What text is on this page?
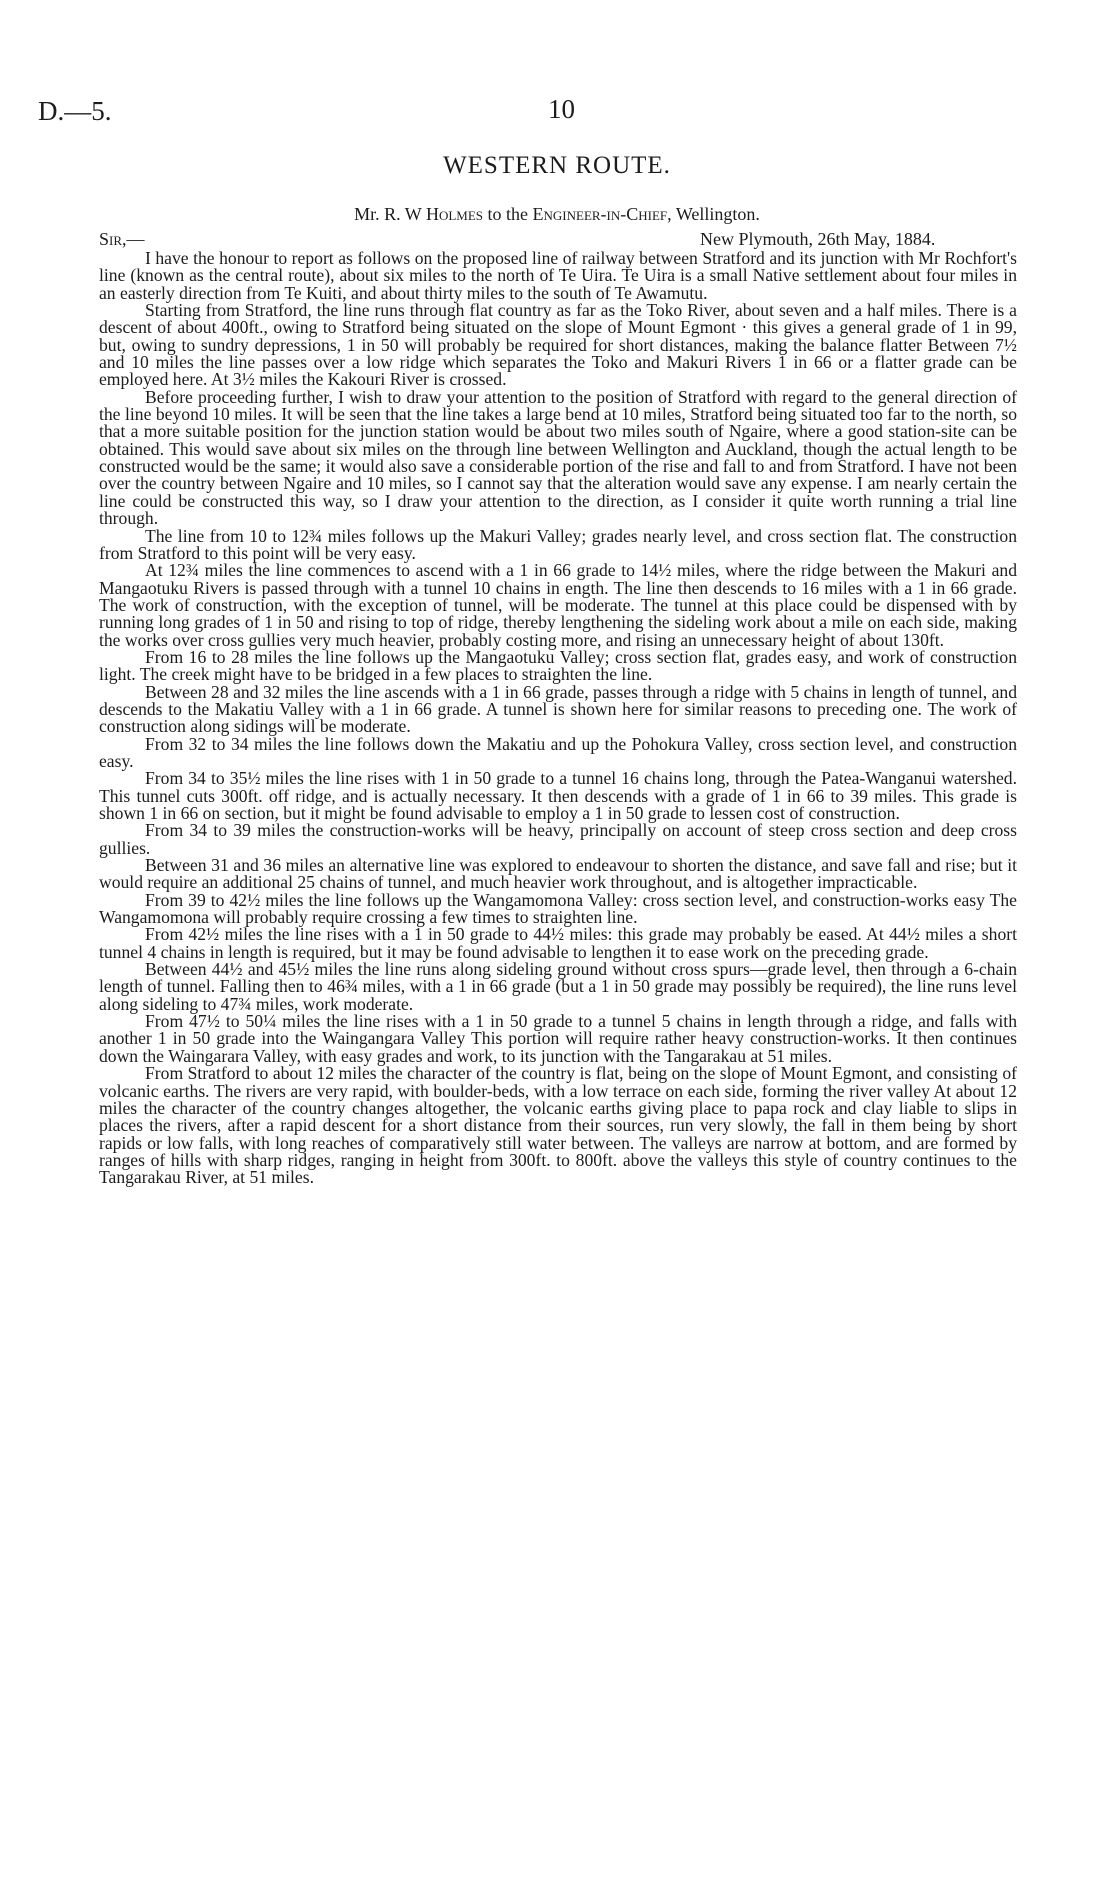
D.—5.	10
WESTERN ROUTE.
Mr. R. W Holmes to the Engineer-in-Chief, Wellington.
Sir,—	New Plymouth, 26th May, 1884.

I have the honour to report as follows on the proposed line of railway between Stratford and its junction with Mr Rochfort's line (known as the central route), about six miles to the north of Te Uira. Te Uira is a small Native settlement about four miles in an easterly direction from Te Kuiti, and about thirty miles to the south of Te Awamutu.

Starting from Stratford, the line runs through flat country as far as the Toko River, about seven and a half miles. There is a descent of about 400ft., owing to Stratford being situated on the slope of Mount Egmont · this gives a general grade of 1 in 99, but, owing to sundry depressions, 1 in 50 will probably be required for short distances, making the balance flatter Between 7½ and 10 miles the line passes over a low ridge which separates the Toko and Makuri Rivers 1 in 66 or a flatter grade can be employed here. At 3½ miles the Kakouri River is crossed.

Before proceeding further, I wish to draw your attention to the position of Stratford with regard to the general direction of the line beyond 10 miles. It will be seen that the line takes a large bend at 10 miles, Stratford being situated too far to the north, so that a more suitable position for the junction station would be about two miles south of Ngaire, where a good station-site can be obtained. This would save about six miles on the through line between Wellington and Auckland, though the actual length to be constructed would be the same; it would also save a considerable portion of the rise and fall to and from Stratford. I have not been over the country between Ngaire and 10 miles, so I cannot say that the alteration would save any expense. I am nearly certain the line could be constructed this way, so I draw your attention to the direction, as I consider it quite worth running a trial line through.

The line from 10 to 12¾ miles follows up the Makuri Valley; grades nearly level, and cross section flat. The construction from Stratford to this point will be very easy.

At 12¾ miles the line commences to ascend with a 1 in 66 grade to 14½ miles, where the ridge between the Makuri and Mangaotuku Rivers is passed through with a tunnel 10 chains in ength. The line then descends to 16 miles with a 1 in 66 grade. The work of construction, with the exception of tunnel, will be moderate. The tunnel at this place could be dispensed with by running long grades of 1 in 50 and rising to top of ridge, thereby lengthening the sideling work about a mile on each side, making the works over cross gullies very much heavier, probably costing more, and rising an unnecessary height of about 130ft.

From 16 to 28 miles the line follows up the Mangaotuku Valley; cross section flat, grades easy, and work of construction light. The creek might have to be bridged in a few places to straighten the line.

Between 28 and 32 miles the line ascends with a 1 in 66 grade, passes through a ridge with 5 chains in length of tunnel, and descends to the Makatiu Valley with a 1 in 66 grade. A tunnel is shown here for similar reasons to preceding one. The work of construction along sidings will be moderate.

From 32 to 34 miles the line follows down the Makatiu and up the Pohokura Valley, cross section level, and construction easy.

From 34 to 35½ miles the line rises with 1 in 50 grade to a tunnel 16 chains long, through the Patea-Wanganui watershed. This tunnel cuts 300ft. off ridge, and is actually necessary. It then descends with a grade of 1 in 66 to 39 miles. This grade is shown 1 in 66 on section, but it might be found advisable to employ a 1 in 50 grade to lessen cost of construction.

From 34 to 39 miles the construction-works will be heavy, principally on account of steep cross section and deep cross gullies.

Between 31 and 36 miles an alternative line was explored to endeavour to shorten the distance, and save fall and rise; but it would require an additional 25 chains of tunnel, and much heavier work throughout, and is altogether impracticable.

From 39 to 42½ miles the line follows up the Wangamomona Valley: cross section level, and construction-works easy The Wangamomona will probably require crossing a few times to straighten line.

From 42½ miles the line rises with a 1 in 50 grade to 44½ miles: this grade may probably be eased. At 44½ miles a short tunnel 4 chains in length is required, but it may be found advisable to lengthen it to ease work on the preceding grade.

Between 44½ and 45½ miles the line runs along sideling ground without cross spurs—grade level, then through a 6-chain length of tunnel. Falling then to 46¾ miles, with a 1 in 66 grade (but a 1 in 50 grade may possibly be required), the line runs level along sideling to 47¾ miles, work moderate.

From 47½ to 50¼ miles the line rises with a 1 in 50 grade to a tunnel 5 chains in length through a ridge, and falls with another 1 in 50 grade into the Waingangara Valley This portion will require rather heavy construction-works. It then continues down the Waingarara Valley, with easy grades and work, to its junction with the Tangarakau at 51 miles.

From Stratford to about 12 miles the character of the country is flat, being on the slope of Mount Egmont, and consisting of volcanic earths. The rivers are very rapid, with boulder-beds, with a low terrace on each side, forming the river valley At about 12 miles the character of the country changes altogether, the volcanic earths giving place to papa rock and clay liable to slips in places the rivers, after a rapid descent for a short distance from their sources, run very slowly, the fall in them being by short rapids or low falls, with long reaches of comparatively still water between. The valleys are narrow at bottom, and are formed by ranges of hills with sharp ridges, ranging in height from 300ft. to 800ft. above the valleys this style of country continues to the Tangarakau River, at 51 miles.
